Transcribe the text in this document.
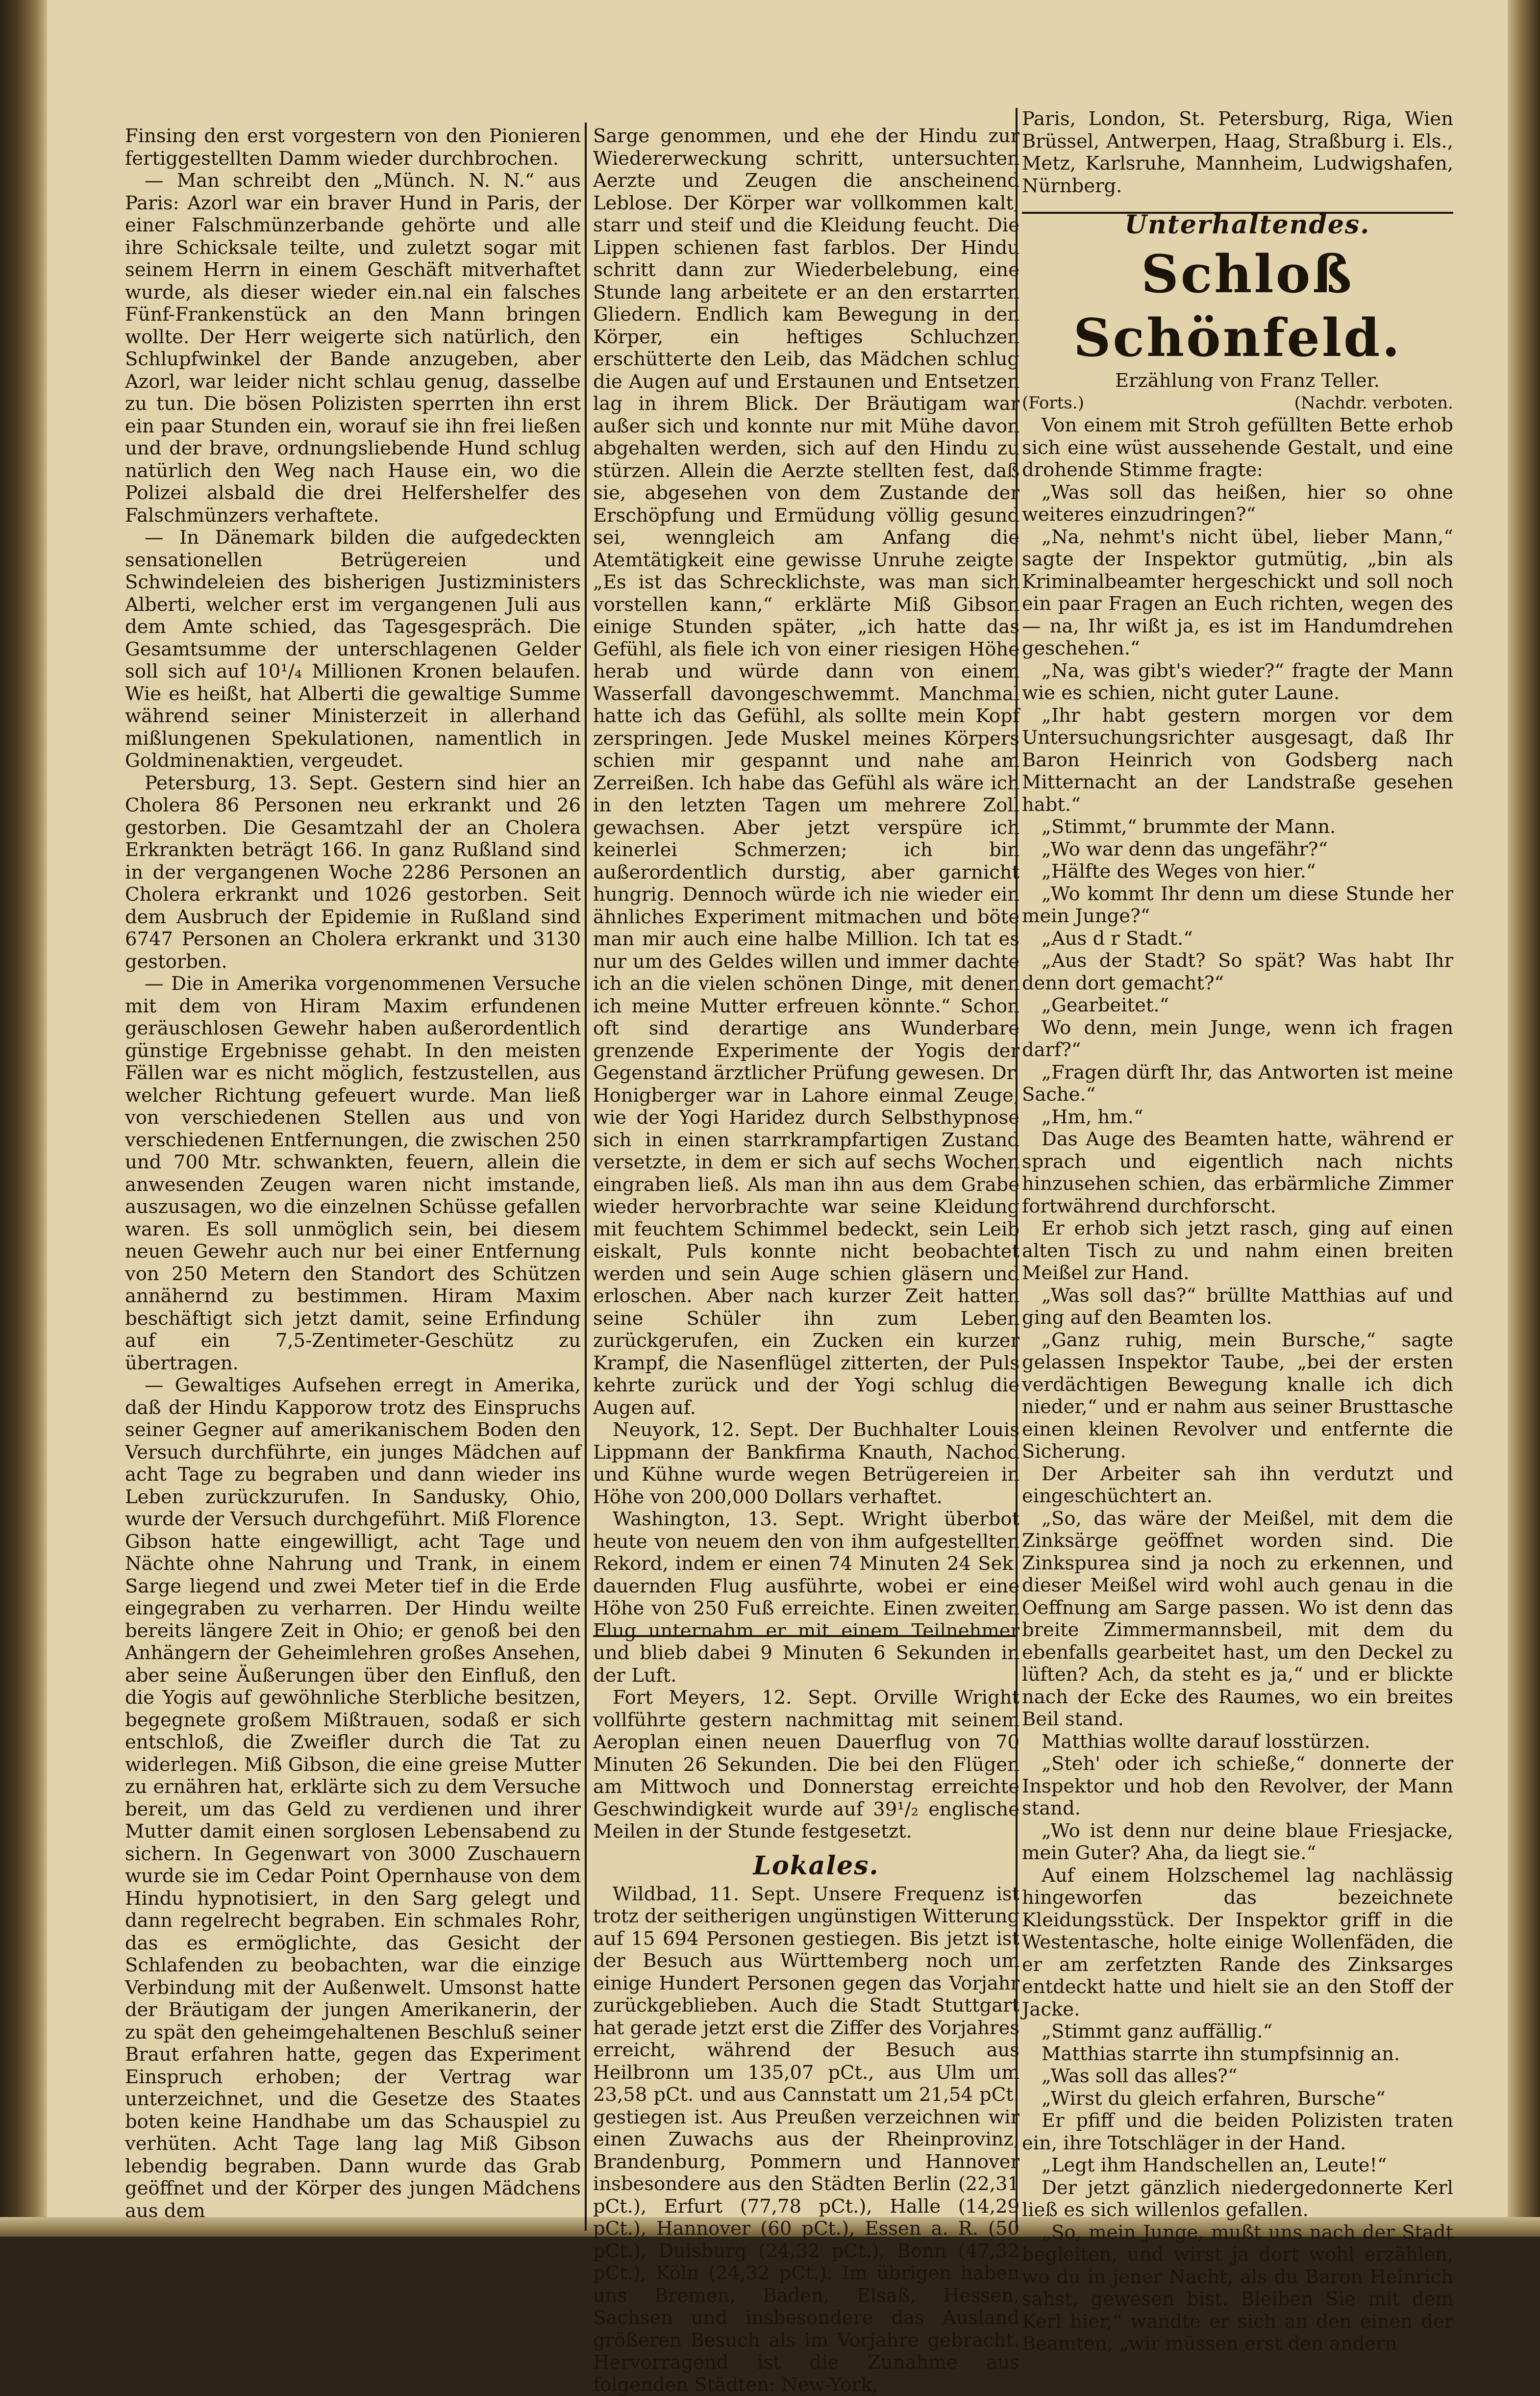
Finsing den erst vorgestern von den Pionieren fertiggestellten Damm wieder durchbrochen.

— Man schreibt den „Münch. N. N.“ aus Paris: Azorl war ein braver Hund in Paris, der einer Falschmünzerbande gehörte und alle ihre Schicksale teilte, und zuletzt sogar mit seinem Herrn in einem Geschäft mitverhaftet wurde, als dieser wieder ein.nal ein falsches Fünf-Frankenstück an den Mann bringen wollte. Der Herr weigerte sich natürlich, den Schlupfwinkel der Bande anzugeben, aber Azorl, war leider nicht schlau genug, dasselbe zu tun. Die bösen Polizisten sperrten ihn erst ein paar Stunden ein, worauf sie ihn frei ließen und der brave, ordnungsliebende Hund schlug natürlich den Weg nach Hause ein, wo die Polizei alsbald die drei Helfershelfer des Falschmünzers verhaftete.

— In Dänemark bilden die aufgedeckten sensationellen Betrügereien und Schwindeleien des bisherigen Justizministers Alberti, welcher erst im vergangenen Juli aus dem Amte schied, das Tagesgespräch. Die Gesamtsumme der unterschlagenen Gelder soll sich auf 10¹/₄ Millionen Kronen belaufen. Wie es heißt, hat Alberti die gewaltige Summe während seiner Ministerzeit in allerhand mißlungenen Spekulationen, namentlich in Goldminenaktien, vergeudet.

Petersburg, 13. Sept. Gestern sind hier an Cholera 86 Personen neu erkrankt und 26 gestorben. Die Gesamtzahl der an Cholera Erkrankten beträgt 166. In ganz Rußland sind in der vergangenen Woche 2286 Personen an Cholera erkrankt und 1026 gestorben. Seit dem Ausbruch der Epidemie in Rußland sind 6747 Personen an Cholera erkrankt und 3130 gestorben.

— Die in Amerika vorgenommenen Versuche mit dem von Hiram Maxim erfundenen geräuschlosen Gewehr haben außerordentlich günstige Ergebnisse gehabt. In den meisten Fällen war es nicht möglich, festzustellen, aus welcher Richtung gefeuert wurde. Man ließ von verschiedenen Stellen aus und von verschiedenen Entfernungen, die zwischen 250 und 700 Mtr. schwankten, feuern, allein die anwesenden Zeugen waren nicht imstande, auszusagen, wo die einzelnen Schüsse gefallen waren. Es soll unmöglich sein, bei diesem neuen Gewehr auch nur bei einer Entfernung von 250 Metern den Standort des Schützen annähernd zu bestimmen. Hiram Maxim beschäftigt sich jetzt damit, seine Erfindung auf ein 7,5-Zentimeter-Geschütz zu übertragen.

— Gewaltiges Aufsehen erregt in Amerika, daß der Hindu Kapporow trotz des Einspruchs seiner Gegner auf amerikanischem Boden den Versuch durchführte, ein junges Mädchen auf acht Tage zu begraben und dann wieder ins Leben zurückzurufen. In Sandusky, Ohio, wurde der Versuch durchgeführt. Miß Florence Gibson hatte eingewilligt, acht Tage und Nächte ohne Nahrung und Trank, in einem Sarge liegend und zwei Meter tief in die Erde eingegraben zu verharren. Der Hindu weilte bereits längere Zeit in Ohio; er genoß bei den Anhängern der Geheimlehren großes Ansehen, aber seine Äußerungen über den Einfluß, den die Yogis auf gewöhnliche Sterbliche besitzen, begegnete großem Mißtrauen, sodaß er sich entschloß, die Zweifler durch die Tat zu widerlegen. Miß Gibson, die eine greise Mutter zu ernähren hat, erklärte sich zu dem Versuche bereit, um das Geld zu verdienen und ihrer Mutter damit einen sorglosen Lebensabend zu sichern. In Gegenwart von 3000 Zuschauern wurde sie im Cedar Point Opernhause von dem Hindu hypnotisiert, in den Sarg gelegt und dann regelrecht begraben. Ein schmales Rohr, das es ermöglichte, das Gesicht der Schlafenden zu beobachten, war die einzige Verbindung mit der Außenwelt. Umsonst hatte der Bräutigam der jungen Amerikanerin, der zu spät den geheimgehaltenen Beschluß seiner Braut erfahren hatte, gegen das Experiment Einspruch erhoben; der Vertrag war unterzeichnet, und die Gesetze des Staates boten keine Handhabe um das Schauspiel zu verhüten. Acht Tage lang lag Miß Gibson lebendig begraben. Dann wurde das Grab geöffnet und der Körper des jungen Mädchens aus dem

Sarge genommen, und ehe der Hindu zur Wiedererweckung schritt, untersuchten Aerzte und Zeugen die anscheinend Leblose. Der Körper war vollkommen kalt, starr und steif und die Kleidung feucht. Die Lippen schienen fast farblos. Der Hindu schritt dann zur Wiederbelebung, eine Stunde lang arbeitete er an den erstarrten Gliedern. Endlich kam Bewegung in den Körper, ein heftiges Schluchzen erschütterte den Leib, das Mädchen schlug die Augen auf und Erstaunen und Entsetzen lag in ihrem Blick. Der Bräutigam war außer sich und konnte nur mit Mühe davon abgehalten werden, sich auf den Hindu zu stürzen. Allein die Aerzte stellten fest, daß sie, abgesehen von dem Zustande der Erschöpfung und Ermüdung völlig gesund sei, wenngleich am Anfang die Atemtätigkeit eine gewisse Unruhe zeigte. „Es ist das Schrecklichste, was man sich vorstellen kann,“ erklärte Miß Gibson einige Stunden später, „ich hatte das Gefühl, als fiele ich von einer riesigen Höhe herab und würde dann von einem Wasserfall davongeschwemmt. Manchmal hatte ich das Gefühl, als sollte mein Kopf zerspringen. Jede Muskel meines Körpers schien mir gespannt und nahe am Zerreißen. Ich habe das Gefühl als wäre ich in den letzten Tagen um mehrere Zoll gewachsen. Aber jetzt verspüre ich keinerlei Schmerzen; ich bin außerordentlich durstig, aber garnicht hungrig. Dennoch würde ich nie wieder ein ähnliches Experiment mitmachen und böte man mir auch eine halbe Million. Ich tat es nur um des Geldes willen und immer dachte ich an die vielen schönen Dinge, mit denen ich meine Mutter erfreuen könnte.“ Schon oft sind derartige ans Wunderbare grenzende Experimente der Yogis der Gegenstand ärztlicher Prüfung gewesen. Dr. Honigberger war in Lahore einmal Zeuge, wie der Yogi Haridez durch Selbsthypnose sich in einen starrkrampfartigen Zustand versetzte, in dem er sich auf sechs Wochen eingraben ließ. Als man ihn aus dem Grabe wieder hervorbrachte war seine Kleidung mit feuchtem Schimmel bedeckt, sein Leib eiskalt, Puls konnte nicht beobachtet werden und sein Auge schien gläsern und erloschen. Aber nach kurzer Zeit hatten seine Schüler ihn zum Leben zurückgerufen, ein Zucken ein kurzer Krampf, die Nasenflügel zitterten, der Puls kehrte zurück und der Yogi schlug die Augen auf.

Neuyork, 12. Sept. Der Buchhalter Louis Lippmann der Bankfirma Knauth, Nachod und Kühne wurde wegen Betrügereien in Höhe von 200,000 Dollars verhaftet.

Washington, 13. Sept. Wright überbot heute von neuem den von ihm aufgestellten Rekord, indem er einen 74 Minuten 24 Sek. dauernden Flug ausführte, wobei er eine Höhe von 250 Fuß erreichte. Einen zweiten Flug unternahm er mit einem Teilnehmer und blieb dabei 9 Minuten 6 Sekunden in der Luft.

Fort Meyers, 12. Sept. Orville Wright vollführte gestern nachmittag mit seinem Aeroplan einen neuen Dauerflug von 70 Minuten 26 Sekunden. Die bei den Flügen am Mittwoch und Donnerstag erreichte Geschwindigkeit wurde auf 39¹/₂ englische Meilen in der Stunde festgesetzt.

Lokales.

Wildbad, 11. Sept. Unsere Frequenz ist trotz der seitherigen ungünstigen Witterung auf 15 694 Personen gestiegen. Bis jetzt ist der Besuch aus Württemberg noch um einige Hundert Personen gegen das Vorjahr zurückgeblieben. Auch die Stadt Stuttgart hat gerade jetzt erst die Ziffer des Vorjahres erreicht, während der Besuch aus Heilbronn um 135,07 pCt., aus Ulm um 23,58 pCt. und aus Cannstatt um 21,54 pCt. gestiegen ist. Aus Preußen verzeichnen wir einen Zuwachs aus der Rheinprovinz, Brandenburg, Pommern und Hannover insbesondere aus den Städten Berlin (22,31 pCt.), Erfurt (77,78 pCt.), Halle (14,29 pCt.), Hannover (60 pCt.), Essen a. R. (50 pCt.), Duisburg (24,32 pCt.), Bonn (47,32 pCt.), Köln (24,32 pCt.). Im übrigen haben uns Bremen, Baden, Elsaß, Hessen, Sachsen und insbesondere das Ausland größeren Besuch als im Vorjahre gebracht. Hervorragend ist die Zunahme aus folgenden Städten: New-York,

Paris, London, St. Petersburg, Riga, Wien Brüssel, Antwerpen, Haag, Straßburg i. Els., Metz, Karlsruhe, Mannheim, Ludwigshafen, Nürnberg.

Unterhaltendes.

Schloß Schönfeld.

Erzählung von Franz Teller.

(Forts.)	(Nachdr. verboten.

Von einem mit Stroh gefüllten Bette erhob sich eine wüst aussehende Gestalt, und eine drohende Stimme fragte:

„Was soll das heißen, hier so ohne weiteres einzudringen?“

„Na, nehmt's nicht übel, lieber Mann,“ sagte der Inspektor gutmütig, „bin als Kriminalbeamter hergeschickt und soll noch ein paar Fragen an Euch richten, wegen des — na, Ihr wißt ja, es ist im Handumdrehen geschehen.“

„Na, was gibt's wieder?“ fragte der Mann wie es schien, nicht guter Laune.

„Ihr habt gestern morgen vor dem Untersuchungsrichter ausgesagt, daß Ihr Baron Heinrich von Godsberg nach Mitternacht an der Landstraße gesehen habt.“

„Stimmt,“ brummte der Mann.

„Wo war denn das ungefähr?“

„Hälfte des Weges von hier.“

„Wo kommt Ihr denn um diese Stunde her mein Junge?“

„Aus d r Stadt.“

„Aus der Stadt? So spät? Was habt Ihr denn dort gemacht?“

„Gearbeitet.“

Wo denn, mein Junge, wenn ich fragen darf?“

„Fragen dürft Ihr, das Antworten ist meine Sache.“

„Hm, hm.“

Das Auge des Beamten hatte, während er sprach und eigentlich nach nichts hinzusehen schien, das erbärmliche Zimmer fortwährend durchforscht.

Er erhob sich jetzt rasch, ging auf einen alten Tisch zu und nahm einen breiten Meißel zur Hand.

„Was soll das?“ brüllte Matthias auf und ging auf den Beamten los.

„Ganz ruhig, mein Bursche,“ sagte gelassen Inspektor Taube, „bei der ersten verdächtigen Bewegung knalle ich dich nieder,“ und er nahm aus seiner Brusttasche einen kleinen Revolver und entfernte die Sicherung.

Der Arbeiter sah ihn verdutzt und eingeschüchtert an.

„So, das wäre der Meißel, mit dem die Zinksärge geöffnet worden sind. Die Zinkspurea sind ja noch zu erkennen, und dieser Meißel wird wohl auch genau in die Oeffnung am Sarge passen. Wo ist denn das breite Zimmermannsbeil, mit dem du ebenfalls gearbeitet hast, um den Deckel zu lüften? Ach, da steht es ja,“ und er blickte nach der Ecke des Raumes, wo ein breites Beil stand.

Matthias wollte darauf losstürzen.

„Steh' oder ich schieße,“ donnerte der Inspektor und hob den Revolver, der Mann stand.

„Wo ist denn nur deine blaue Friesjacke, mein Guter? Aha, da liegt sie.“

Auf einem Holzschemel lag nachlässig hingeworfen das bezeichnete Kleidungsstück. Der Inspektor griff in die Westentasche, holte einige Wollenfäden, die er am zerfetzten Rande des Zinksarges entdeckt hatte und hielt sie an den Stoff der Jacke.

„Stimmt ganz auffällig.“

Matthias starrte ihn stumpfsinnig an.

„Was soll das alles?“

„Wirst du gleich erfahren, Bursche“

Er pfiff und die beiden Polizisten traten ein, ihre Totschläger in der Hand.

„Legt ihm Handschellen an, Leute!“

Der jetzt gänzlich niedergedonnerte Kerl ließ es sich willenlos gefallen.

„So, mein Junge, mußt uns nach der Stadt begleiten, und wirst ja dort wohl erzählen, wo du in jener Nacht, als du Baron Heinrich sahst, gewesen bist. Bleiben Sie mit dem Kerl hier,“ wandte er sich an den einen der Beamten, „wir müssen erst den andern
